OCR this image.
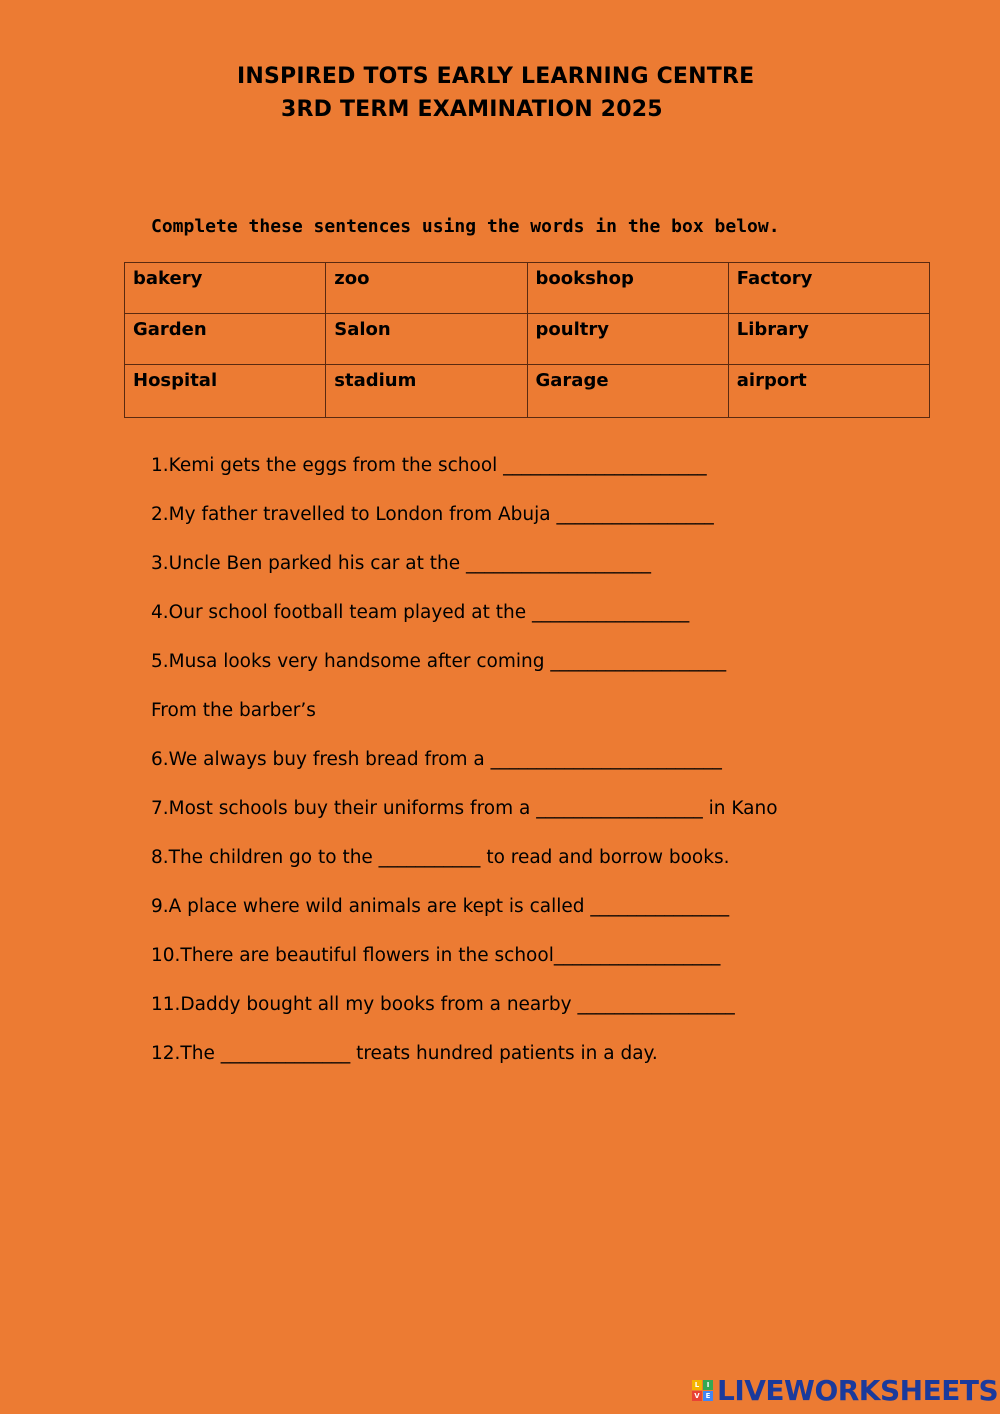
INSPIRED TOTS EARLY LEARNING CENTRE
3RD TERM EXAMINATION 2025
Complete these sentences using the words in the box below.
bakery	zoo	bookshop	Factory
Garden	Salon	poultry	Library
Hospital	stadium	Garage	airport
1.Kemi gets the eggs from the school ______________________
2.My father travelled to London from Abuja _________________
3.Uncle Ben parked his car at the ____________________
4.Our school football team played at the _________________
5.Musa looks very handsome after coming ___________________
From the barber’s
6.We always buy fresh bread from a _________________________
7.Most schools buy their uniforms from a __________________ in Kano
8.The children go to the ___________ to read and borrow books.
9.A place where wild animals are kept is called _______________
10.There are beautiful flowers in the school__________________
11.Daddy bought all my books from a nearby _________________
12.The ______________ treats hundred patients in a day.
L	I
V E LIVEWORKSHEETS
